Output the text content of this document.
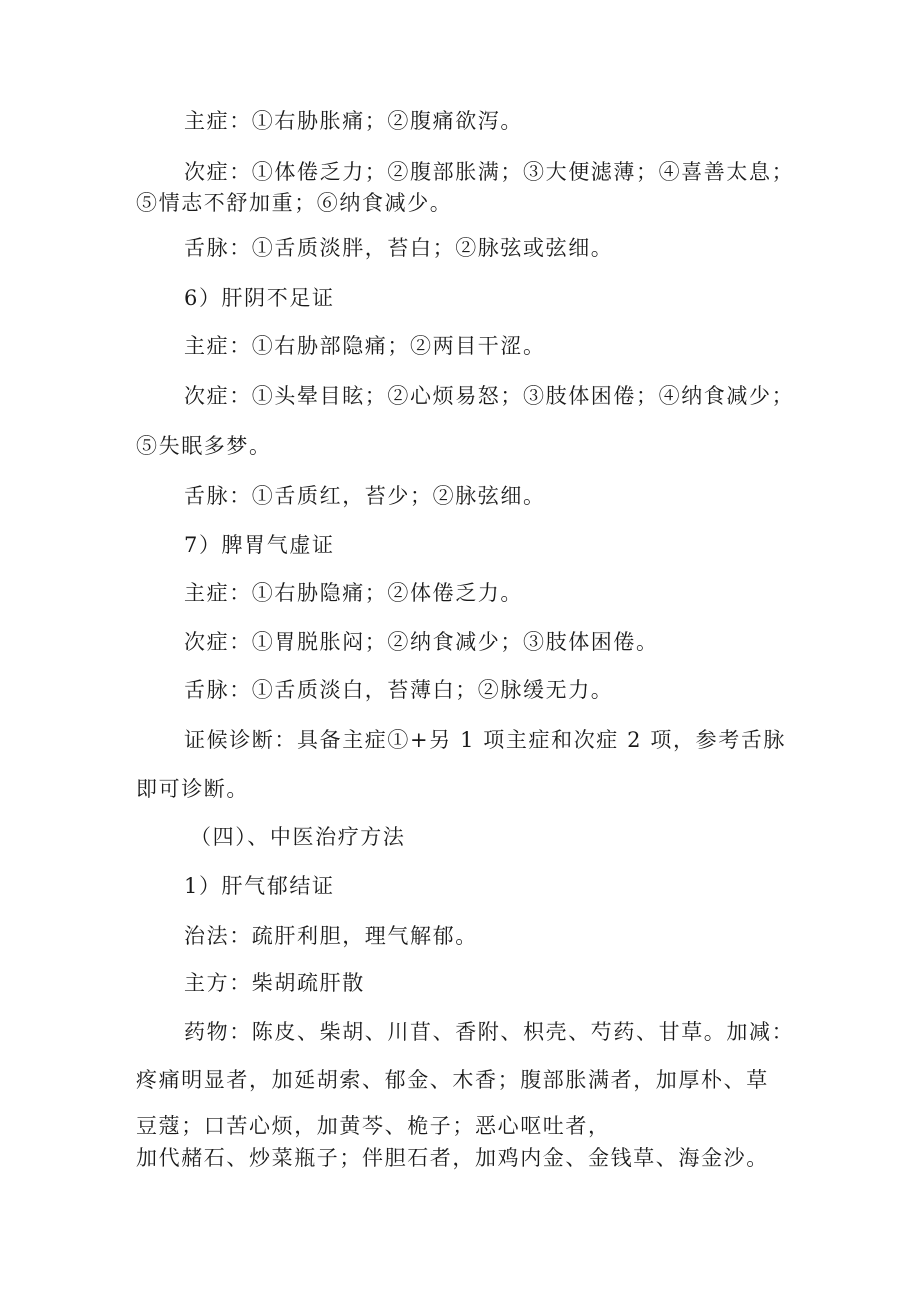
主症：①右胁胀痛；②腹痛欲泻。
次症：①体倦乏力；②腹部胀满；③大便滤薄；④喜善太息；
⑤情志不舒加重；⑥纳食减少。
舌脉：①舌质淡胖，苔白；②脉弦或弦细。
6）肝阴不足证
主症：①右胁部隐痛；②两目干涩。
次症：①头晕目眩；②心烦易怒；③肢体困倦；④纳食减少；
⑤失眠多梦。
舌脉：①舌质红，苔少；②脉弦细。
7）脾胃气虚证
主症：①右胁隐痛；②体倦乏力。
次症：①胃脱胀闷；②纳食减少；③肢体困倦。
舌脉：①舌质淡白，苔薄白；②脉缓无力。
证候诊断：具备主症①+另 1 项主症和次症 2 项，参考舌脉
即可诊断。
（四）、中医治疗方法
1）肝气郁结证
治法：疏肝利胆，理气解郁。
主方：柴胡疏肝散
药物：陈皮、柴胡、川苜、香附、枳壳、芍药、甘草。加减：
疼痛明显者，加延胡索、郁金、木香；腹部胀满者，加厚朴、草
豆蔻；口苦心烦，加黄芩、桅子；恶心呕吐者，
加代赭石、炒菜瓶子；伴胆石者，加鸡内金、金钱草、海金沙。
